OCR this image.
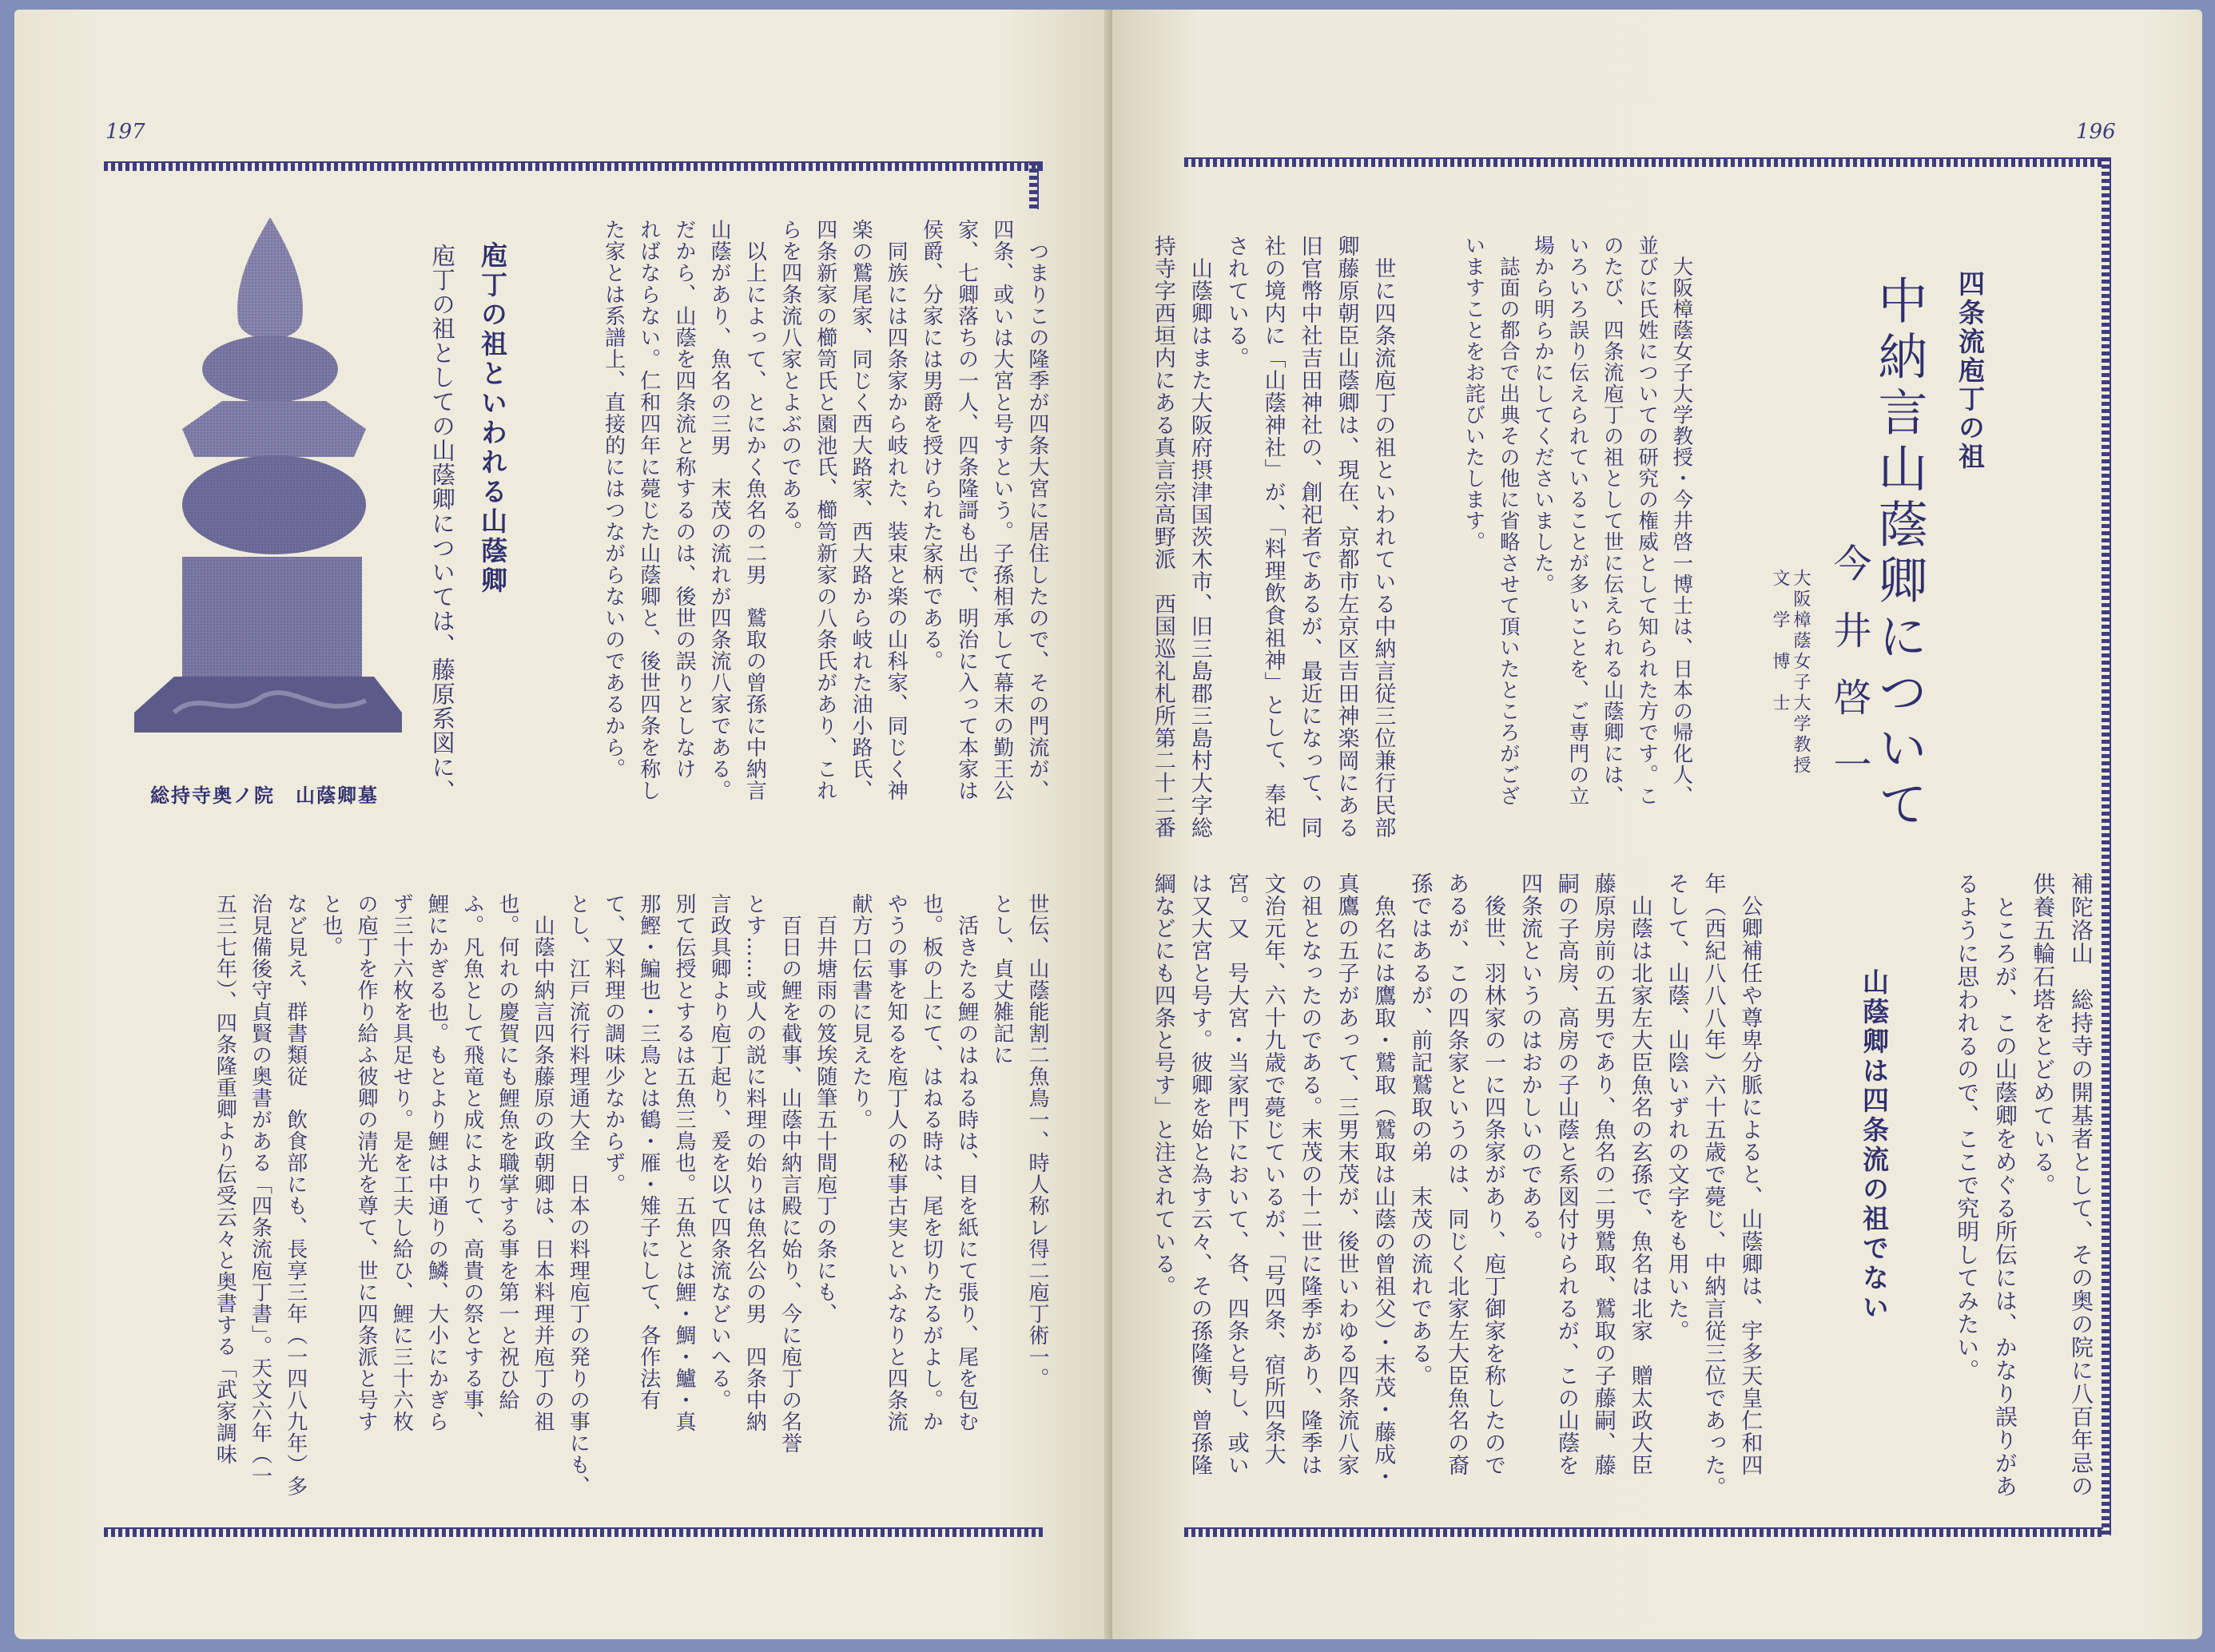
197
総持寺奥ノ院　山蔭卿墓	　つまりこの隆季が四条大宮に居住したので、その門流が、

四条、或いは大宮と号すという。子孫相承して幕末の勤王公

家、七卿落ちの一人、四条隆謌も出で、明治に入って本家は

侯爵、分家には男爵を授けられた家柄である。

　同族には四条家から岐れた、装束と楽の山科家、同じく神

楽の鷲尾家、同じく西大路家、西大路から岐れた油小路氏、

四条新家の櫛笥氏と園池氏、櫛笥新家の八条氏があり、これ

らを四条流八家とよぶのである。

　以上によって、とにかく魚名の二男　鷲取の曾孫に中納言

山蔭があり、魚名の三男　末茂の流れが四条流八家である。

だから、山蔭を四条流と称するのは、後世の誤りとしなけ

ればならない。仁和四年に薨じた山蔭卿と、後世四条を称し

た家とは系譜上、直接的にはつながらないのであるから。

庖丁の祖といわれる山蔭卿

　庖丁の祖としての山蔭卿については、藤原系図に、

世伝、山蔭能割二魚鳥一、時人称レ得二庖丁術一。

とし、貞丈雑記に

　活きたる鯉のはねる時は、目を紙にて張り、尾を包む

也。板の上にて、はねる時は、尾を切りたるがよし。か

やうの事を知るを庖丁人の秘事古実といふなりと四条流

献方口伝書に見えたり。

　百井塘雨の笈埃随筆五十間庖丁の条にも、

　百日の鯉を截事、山蔭中納言殿に始り、今に庖丁の名誉

とす……或人の説に料理の始りは魚名公の男　四条中納

言政具卿より庖丁起り、爰を以て四条流などいへる。

別て伝授とするは五魚三鳥也。五魚とは鯉・鯛・鱸・真

那鰹・鯿也・三鳥とは鶴・雁・雉子にして、各作法有

て、又料理の調味少なからず。

とし、江戸流行料理通大全　日本の料理庖丁の発りの事にも、

　山蔭中納言四条藤原の政朝卿は、日本料理并庖丁の祖

也。何れの慶賀にも鯉魚を職掌する事を第一と祝ひ給

ふ。凡魚として飛竜と成によりて、高貴の祭とする事、

鯉にかぎる也。もとより鯉は中通りの鱗、大小にかぎら

ず三十六枚を具足せり。是を工夫し給ひ、鯉に三十六枚

の庖丁を作り給ふ彼卿の清光を尊て、世に四条派と号す

と也。

など見え、群書類従　飲食部にも、長享三年（一四八九年）多

治見備後守貞賢の奥書がある「四条流庖丁書」。天文六年（一

五三七年）、四条隆重卿より伝受云々と奥書する「武家調味

196
四条流庖丁の祖
中納言山蔭卿について
今井啓一
大阪樟蔭女子大学教授
文　学　博　士

　大阪樟蔭女子大学教授・今井啓一博士は、日本の帰化人、

並びに氏姓についての研究の権威として知られた方です。こ

のたび、四条流庖丁の祖として世に伝えられる山蔭卿には、

いろいろ誤り伝えられていることが多いことを、ご専門の立

場から明らかにしてくださいました。

　誌面の都合で出典その他に省略させて頂いたところがござ

いますことをお詫びいたします。

　世に四条流庖丁の祖といわれている中納言従三位兼行民部

卿藤原朝臣山蔭卿は、現在、京都市左京区吉田神楽岡にある

旧官幣中社吉田神社の、創祀者であるが、最近になって、同

社の境内に「山蔭神社」が、「料理飲食祖神」として、奉祀

されている。

　山蔭卿はまた大阪府摂津国茨木市、旧三島郡三島村大字総

持寺字西垣内にある真言宗高野派　西国巡礼札所第二十二番

補陀洛山　総持寺の開基者として、その奥の院に八百年忌の

供養五輪石塔をとどめている。

　ところが、この山蔭卿をめぐる所伝には、かなり誤りがあ

るように思われるので、ここで究明してみたい。

山蔭卿は四条流の祖でない

　公卿補任や尊卑分脈によると、山蔭卿は、宇多天皇仁和四

年（西紀八八八年）六十五歳で薨じ、中納言従三位であった。

そして、山蔭、山陰いずれの文字をも用いた。

　山蔭は北家左大臣魚名の玄孫で、魚名は北家　贈太政大臣

藤原房前の五男であり、魚名の二男鷲取、鷲取の子藤嗣、藤

嗣の子高房、高房の子山蔭と系図付けられるが、この山蔭を

四条流というのはおかしいのである。

　後世、羽林家の一に四条家があり、庖丁御家を称したので

あるが、この四条家というのは、同じく北家左大臣魚名の裔

孫ではあるが、前記鷲取の弟　末茂の流れである。

　魚名には鷹取・鷲取（鷲取は山蔭の曾祖父）・末茂・藤成・

真鷹の五子があって、三男末茂が、後世いわゆる四条流八家

の祖となったのである。末茂の十二世に隆季があり、隆季は

文治元年、六十九歳で薨じているが、「号四条、宿所四条大

宮。又　号大宮・当家門下において、各、四条と号し、或い

は又大宮と号す。彼卿を始と為す云々、その孫隆衡、曾孫隆

綱などにも四条と号す」と注されている。
